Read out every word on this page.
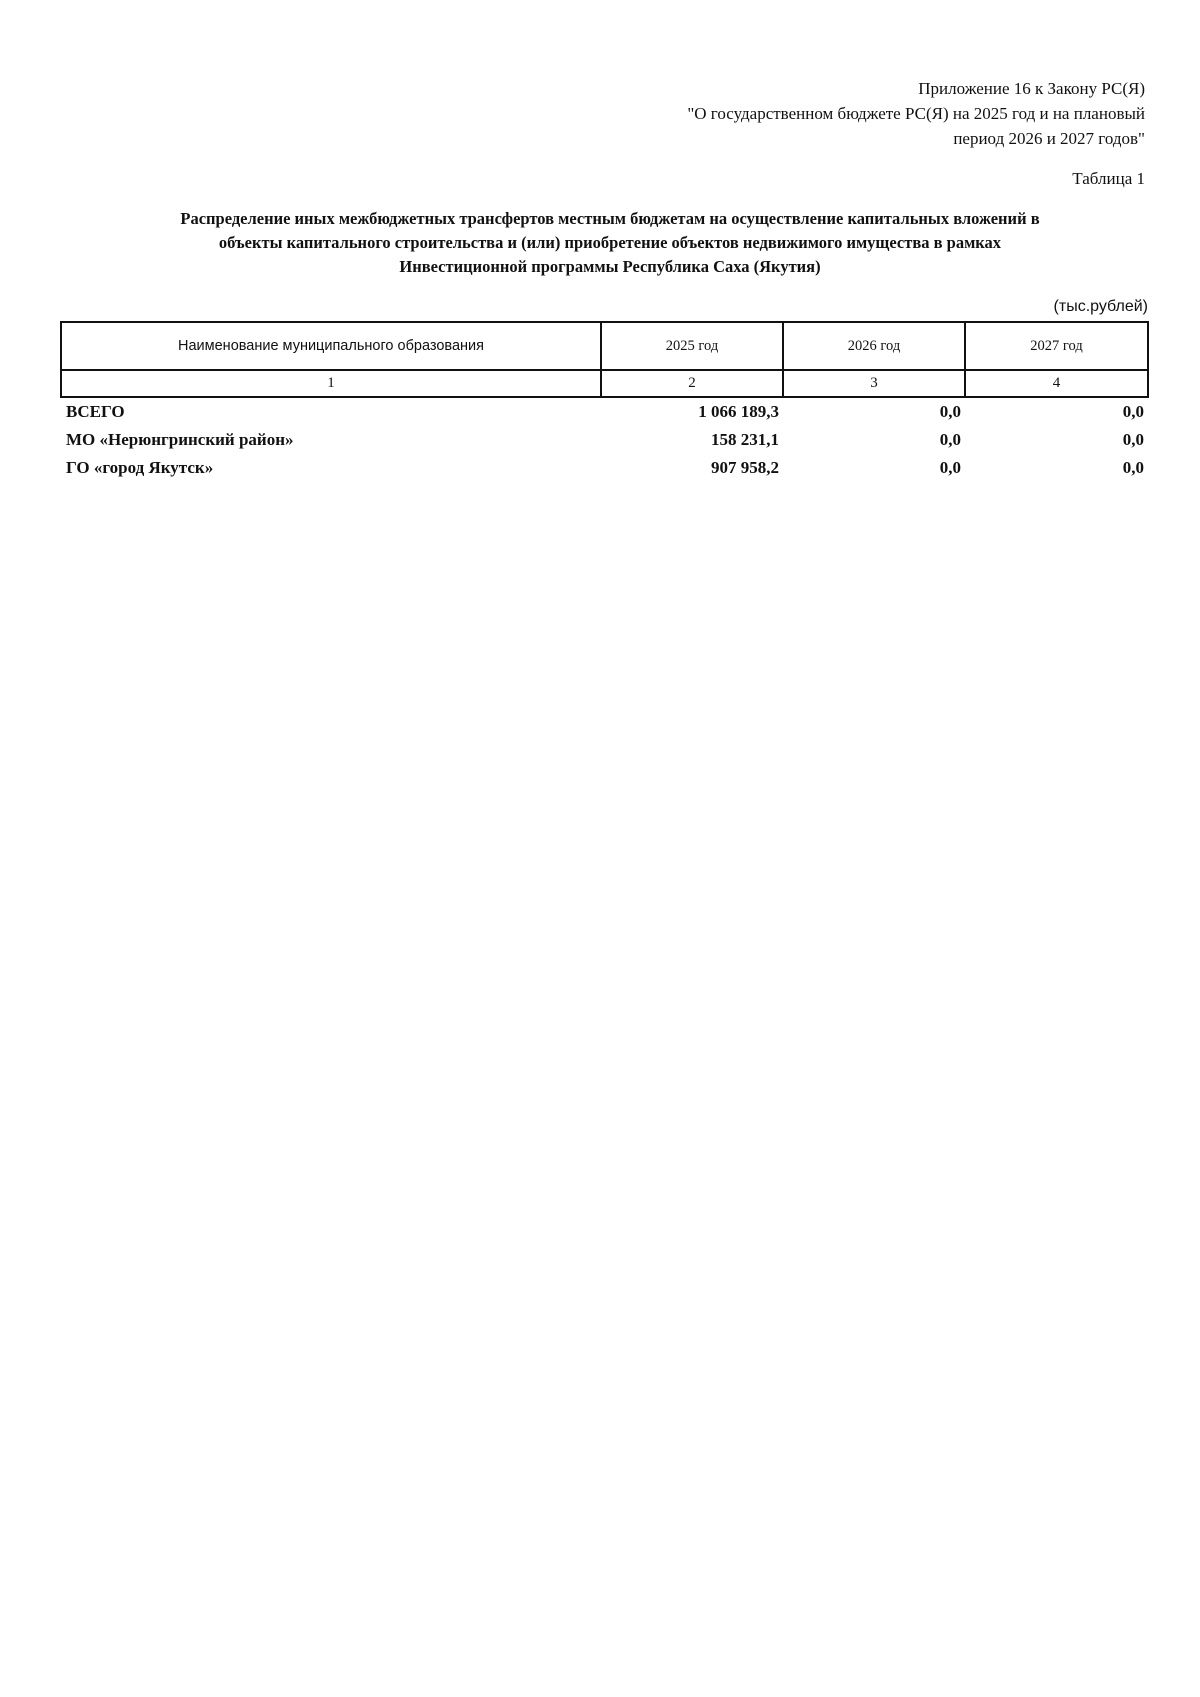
Приложение 16 к Закону РС(Я)
"О государственном бюджете РС(Я) на 2025 год и на плановый
период 2026 и 2027 годов"
Таблица 1
Распределение иных межбюджетных трансфертов местным бюджетам на осуществление капитальных вложений в
объекты капитального строительства и (или) приобретение объектов недвижимого имущества в рамках
Инвестиционной программы Республика Саха (Якутия)
(тыс.рублей)
Наименование муниципального образования	2025 год	2026 год	2027 год
1	2	3	4
ВСЕГО	1 066 189,3	0,0	0,0
МО «Нерюнгринский район»	158 231,1	0,0	0,0
ГО «город Якутск»	907 958,2	0,0	0,0
